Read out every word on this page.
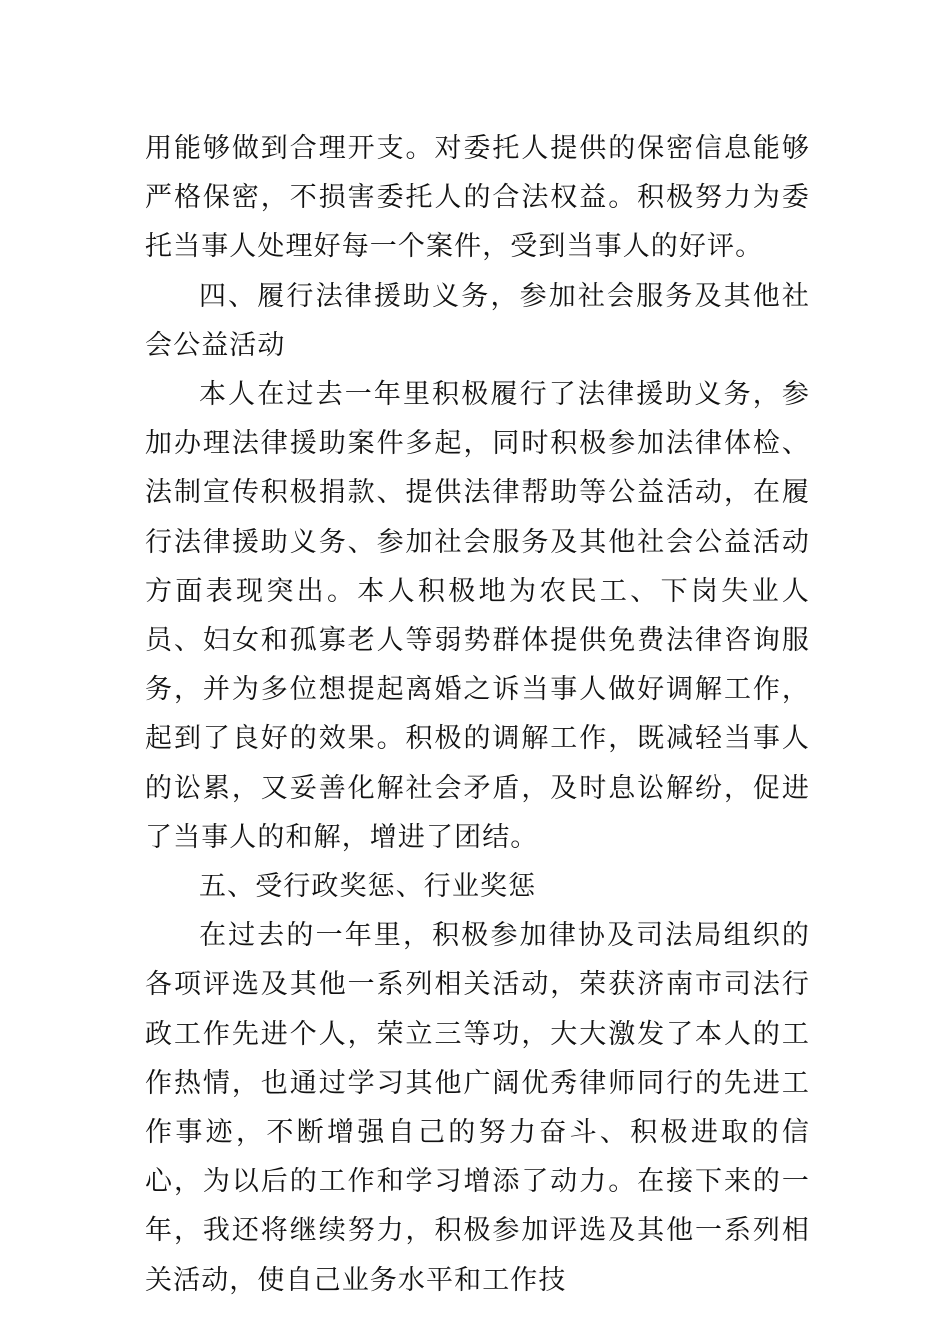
用能够做到合理开支。对委托人提供的保密信息能够严格保密，不损害委托人的合法权益。积极努力为委托当事人处理好每一个案件，受到当事人的好评。

四、履行法律援助义务，参加社会服务及其他社会公益活动

本人在过去一年里积极履行了法律援助义务，参加办理法律援助案件多起，同时积极参加法律体检、法制宣传积极捐款、提供法律帮助等公益活动，在履行法律援助义务、参加社会服务及其他社会公益活动方面表现突出。本人积极地为农民工、下岗失业人员、妇女和孤寡老人等弱势群体提供免费法律咨询服务，并为多位想提起离婚之诉当事人做好调解工作，起到了良好的效果。积极的调解工作，既减轻当事人的讼累，又妥善化解社会矛盾，及时息讼解纷，促进了当事人的和解，增进了团结。

五、受行政奖惩、行业奖惩

在过去的一年里，积极参加律协及司法局组织的各项评选及其他一系列相关活动，荣获济南市司法行政工作先进个人，荣立三等功，大大激发了本人的工作热情，也通过学习其他广阔优秀律师同行的先进工作事迹，不断增强自己的努力奋斗、积极进取的信心，为以后的工作和学习增添了动力。在接下来的一年，我还将继续努力，积极参加评选及其他一系列相关活动，使自己业务水平和工作技
